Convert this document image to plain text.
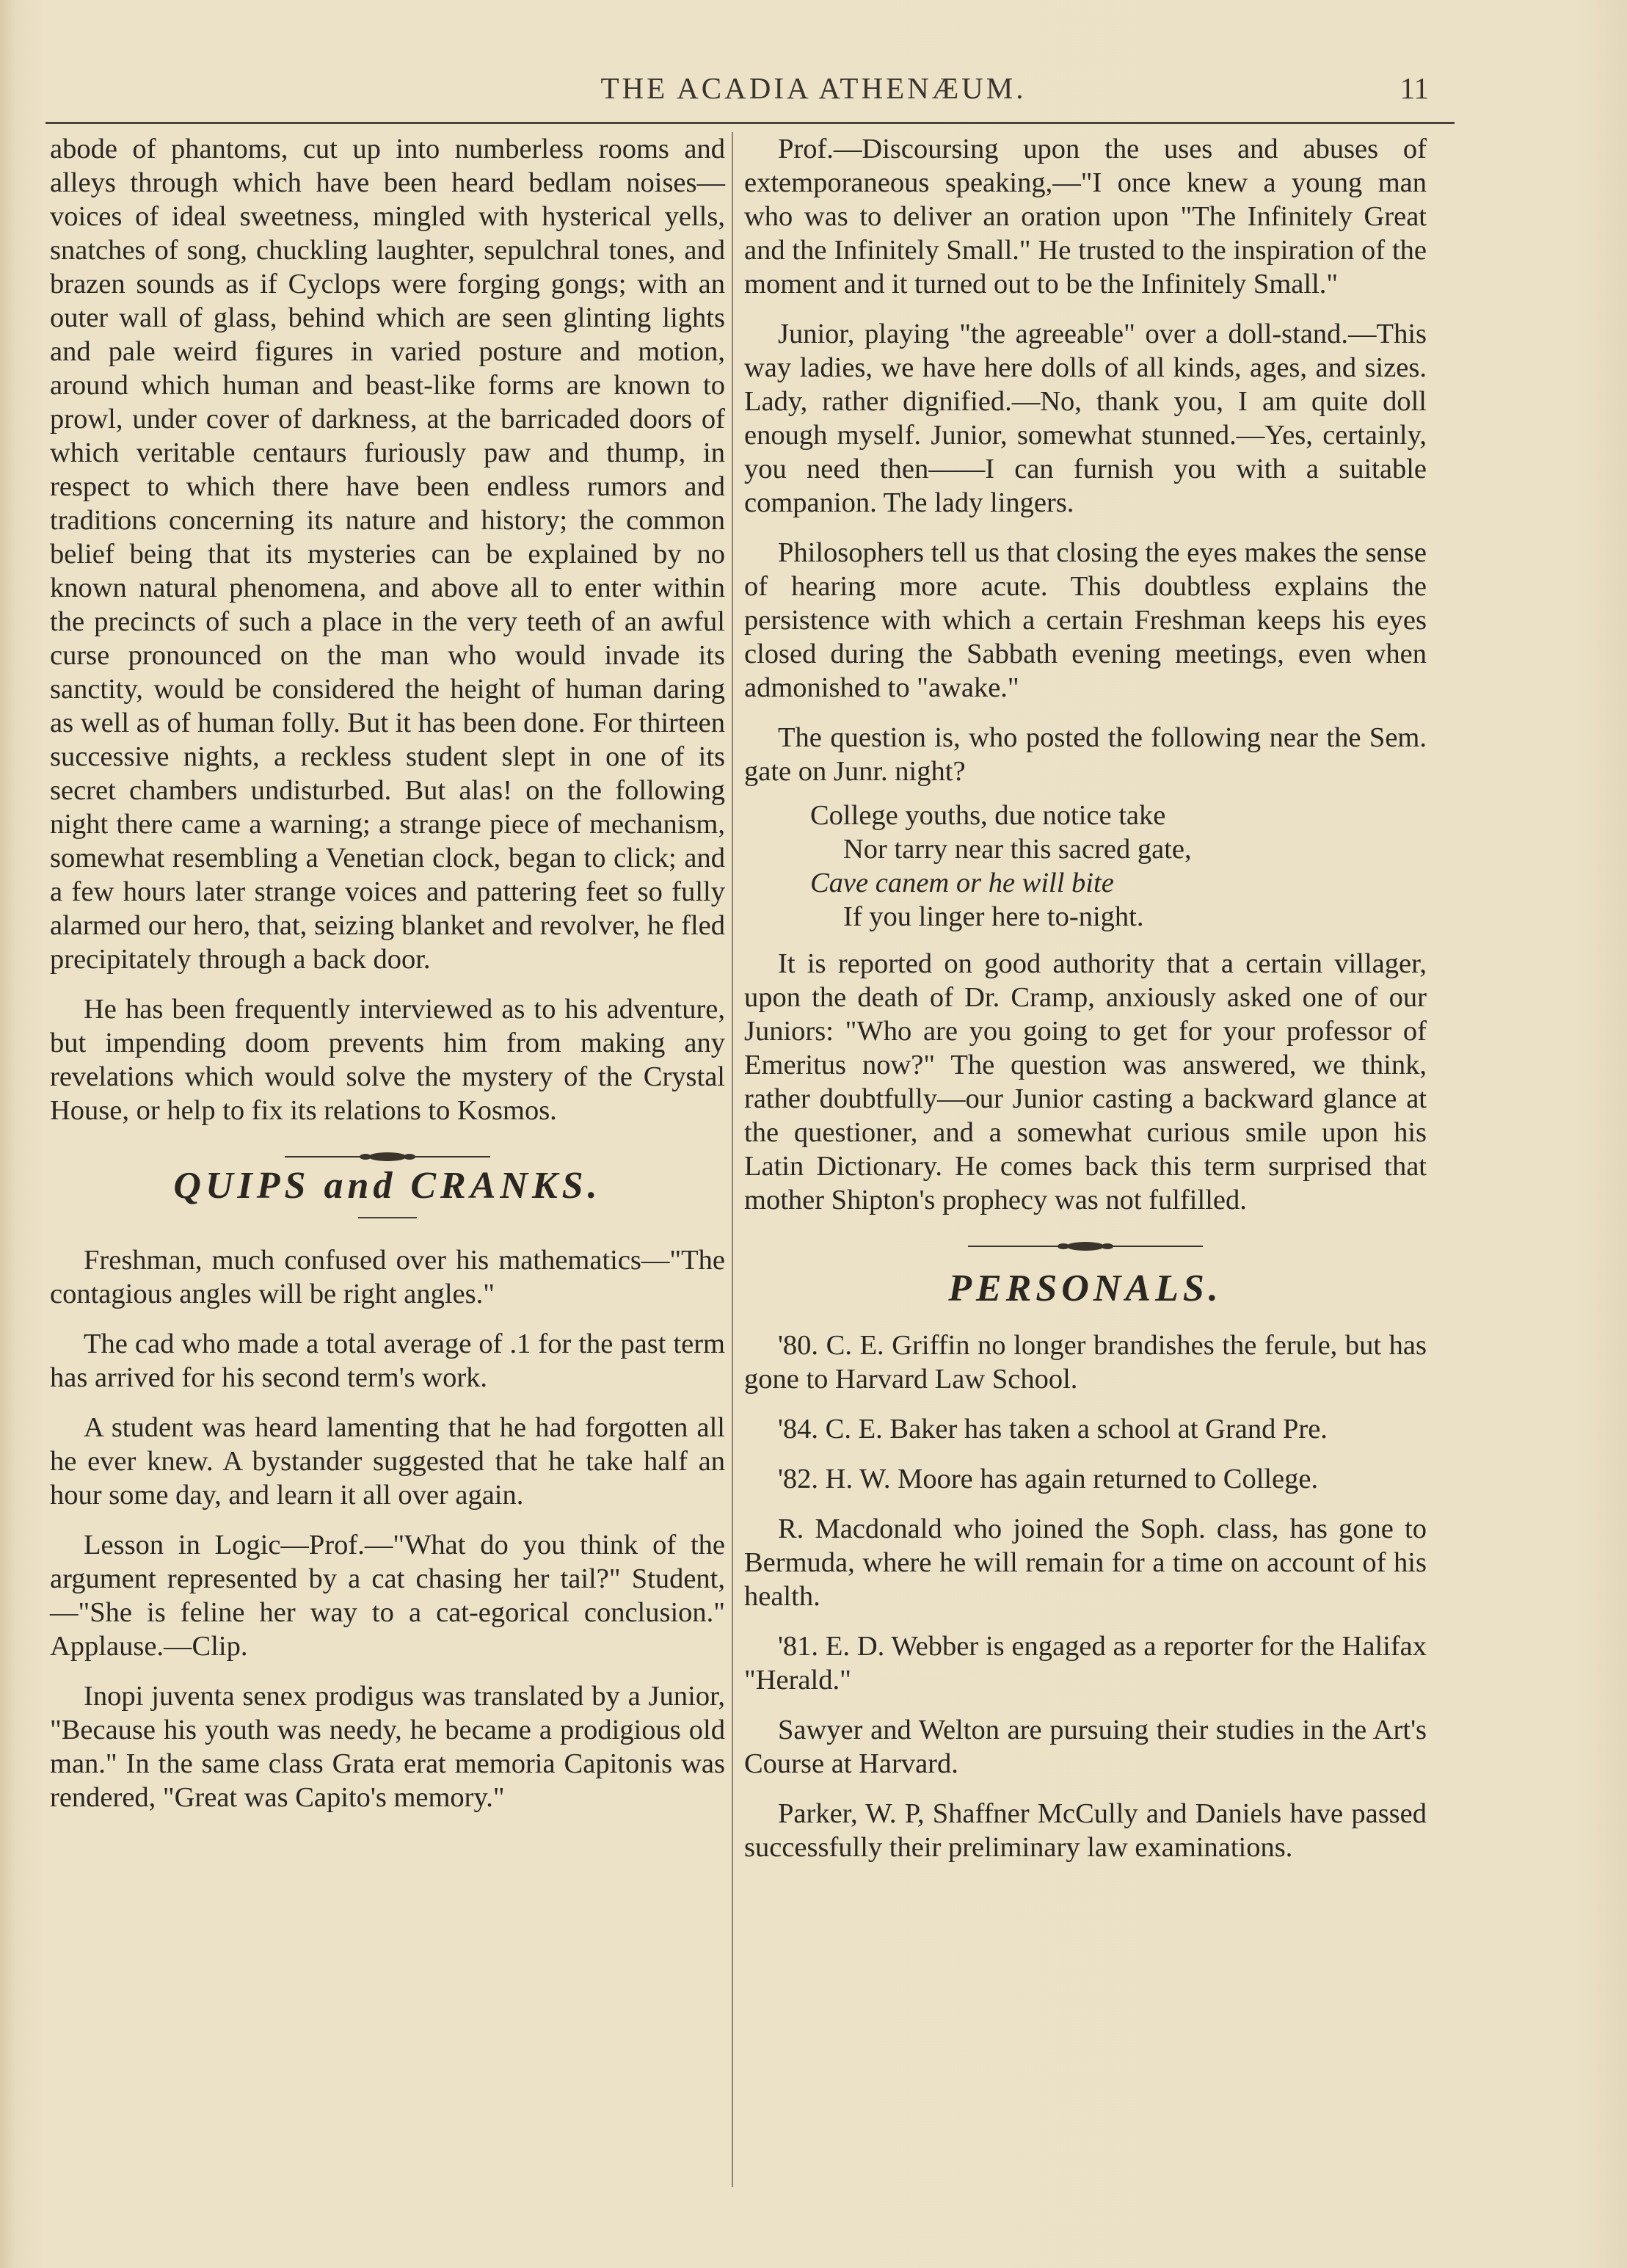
THE ACADIA ATHENÆUM.	11

abode of phantoms, cut up into numberless rooms and alleys through which have been heard bedlam noises—voices of ideal sweetness, mingled with hysterical yells, snatches of song, chuckling laughter, sepulchral tones, and brazen sounds as if Cyclops were forging gongs; with an outer wall of glass, behind which are seen glinting lights and pale weird figures in varied posture and motion, around which human and beast-like forms are known to prowl, under cover of darkness, at the barricaded doors of which veritable centaurs furiously paw and thump, in respect to which there have been endless rumors and traditions concerning its nature and history; the common belief being that its mysteries can be explained by no known natural phenomena, and above all to enter within the precincts of such a place in the very teeth of an awful curse pronounced on the man who would invade its sanctity, would be considered the height of human daring as well as of human folly. But it has been done. For thirteen successive nights, a reckless student slept in one of its secret chambers undisturbed. But alas! on the following night there came a warning; a strange piece of mechanism, somewhat resembling a Venetian clock, began to click; and a few hours later strange voices and pattering feet so fully alarmed our hero, that, seizing blanket and revolver, he fled precipitately through a back door.

He has been frequently interviewed as to his adventure, but impending doom prevents him from making any revelations which would solve the mystery of the Crystal House, or help to fix its relations to Kosmos.

QUIPS and CRANKS.

Freshman, much confused over his mathematics—"The contagious angles will be right angles."

The cad who made a total average of .1 for the past term has arrived for his second term's work.

A student was heard lamenting that he had forgotten all he ever knew. A bystander suggested that he take half an hour some day, and learn it all over again.

Lesson in Logic—Prof.—"What do you think of the argument represented by a cat chasing her tail?" Student,—"She is feline her way to a cat-egorical conclusion." Applause.—Clip.

Inopi juventa senex prodigus was translated by a Junior, "Because his youth was needy, he became a prodigious old man." In the same class Grata erat memoria Capitonis was rendered, "Great was Capito's memory."

Prof.—Discoursing upon the uses and abuses of extemporaneous speaking,—"I once knew a young man who was to deliver an oration upon "The Infinitely Great and the Infinitely Small." He trusted to the inspiration of the moment and it turned out to be the Infinitely Small."

Junior, playing "the agreeable" over a doll-stand.—This way ladies, we have here dolls of all kinds, ages, and sizes. Lady, rather dignified.—No, thank you, I am quite doll enough myself. Junior, somewhat stunned.—Yes, certainly, you need then——I can furnish you with a suitable companion. The lady lingers.

Philosophers tell us that closing the eyes makes the sense of hearing more acute. This doubtless explains the persistence with which a certain Freshman keeps his eyes closed during the Sabbath evening meetings, even when admonished to "awake."

The question is, who posted the following near the Sem. gate on Junr. night?

College youths, due notice take
Nor tarry near this sacred gate,
Cave canem or he will bite
If you linger here to-night.

It is reported on good authority that a certain villager, upon the death of Dr. Cramp, anxiously asked one of our Juniors: "Who are you going to get for your professor of Emeritus now?" The question was answered, we think, rather doubtfully—our Junior casting a backward glance at the questioner, and a somewhat curious smile upon his Latin Dictionary. He comes back this term surprised that mother Shipton's prophecy was not fulfilled.

PERSONALS.

'80. C. E. Griffin no longer brandishes the ferule, but has gone to Harvard Law School.

'84. C. E. Baker has taken a school at Grand Pre.

'82. H. W. Moore has again returned to College.

R. Macdonald who joined the Soph. class, has gone to Bermuda, where he will remain for a time on account of his health.

'81. E. D. Webber is engaged as a reporter for the Halifax "Herald."

Sawyer and Welton are pursuing their studies in the Art's Course at Harvard.

Parker, W. P, Shaffner McCully and Daniels have passed successfully their preliminary law examinations.
